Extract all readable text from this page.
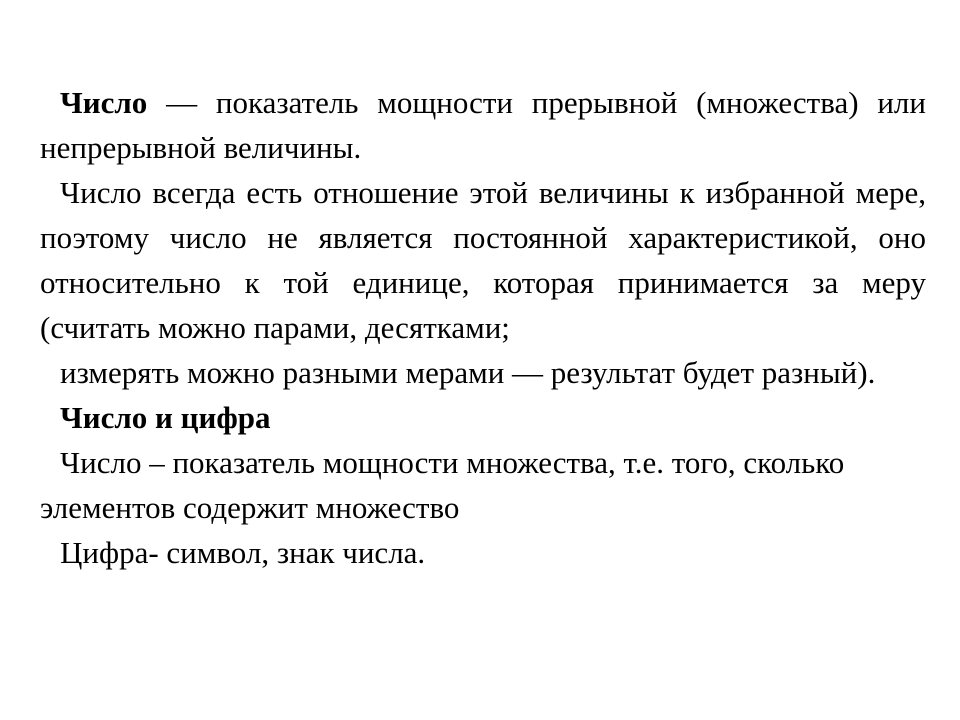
Число — показатель мощности прерывной (множества) или непрерывной величины.

Число всегда есть отношение этой величины к избранной мере, поэтому число не является постоянной характеристикой, оно относительно к той единице, которая принимается за меру (считать можно парами, десятками;

измерять можно разными мерами — результат будет разный).

Число и цифра

Число – показатель мощности множества, т.е. того, сколько элементов содержит множество

Цифра- символ, знак числа.
